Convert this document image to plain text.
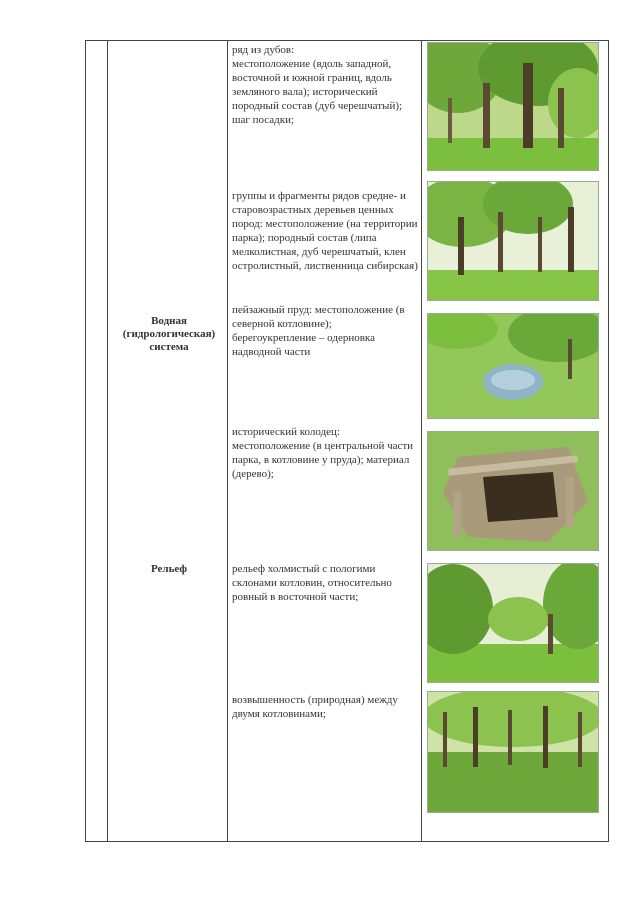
ряд из дубов:
местоположение (вдоль западной, восточной и южной границ, вдоль земляного вала); исторический породный состав (дуб черешчатый); шаг посадки;
группы и фрагменты рядов средне- и старовозрастных деревьев ценных пород: местоположение (на территории парка); породный состав (липа мелколистная, дуб черешчатый, клен остролистный, лиственница сибирская)
Водная
(гидрологическая)
система
пейзажный пруд: местоположение (в северной котловине); берегоукрепление – одерновка надводной части
исторический колодец:
местоположение (в центральной части парка, в котловине у пруда); материал (дерево);
Рельеф	рельеф холмистый с пологими склонами котловин, относительно ровный в восточной части;
возвышенность (природная) между двумя котловинами;
